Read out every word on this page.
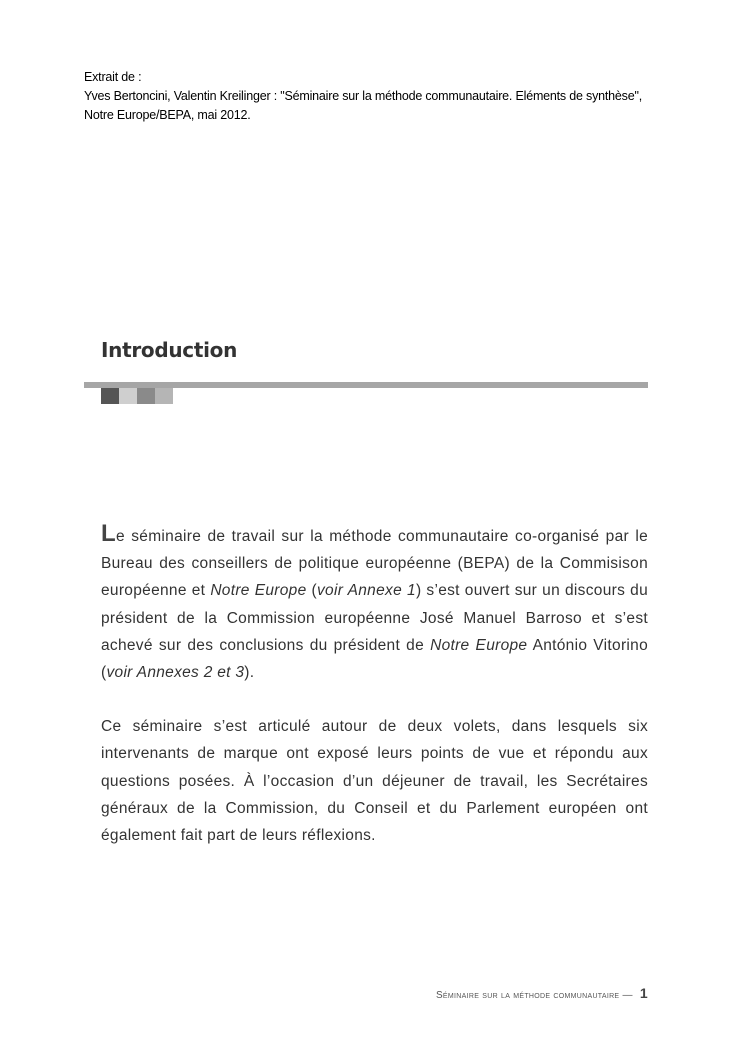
Extrait de :
Yves Bertoncini, Valentin Kreilinger : "Séminaire sur la méthode communautaire. Eléments de synthèse",
Notre Europe/BEPA, mai 2012.
Introduction

Le séminaire de travail sur la méthode communautaire co-organisé par le Bureau des conseillers de politique européenne (BEPA) de la Commisison européenne et Notre Europe (voir Annexe 1) s’est ouvert sur un discours du président de la Commission européenne José Manuel Barroso et s’est achevé sur des conclusions du président de Notre Europe António Vitorino (voir Annexes 2 et 3).

Ce séminaire s’est articulé autour de deux volets, dans lesquels six intervenants de marque ont exposé leurs points de vue et répondu aux questions posées. À l’occasion d’un déjeuner de travail, les Secrétaires généraux de la Commission, du Conseil et du Parlement européen ont également fait part de leurs réflexions.

Séminaire sur la méthode communautaire — 1
